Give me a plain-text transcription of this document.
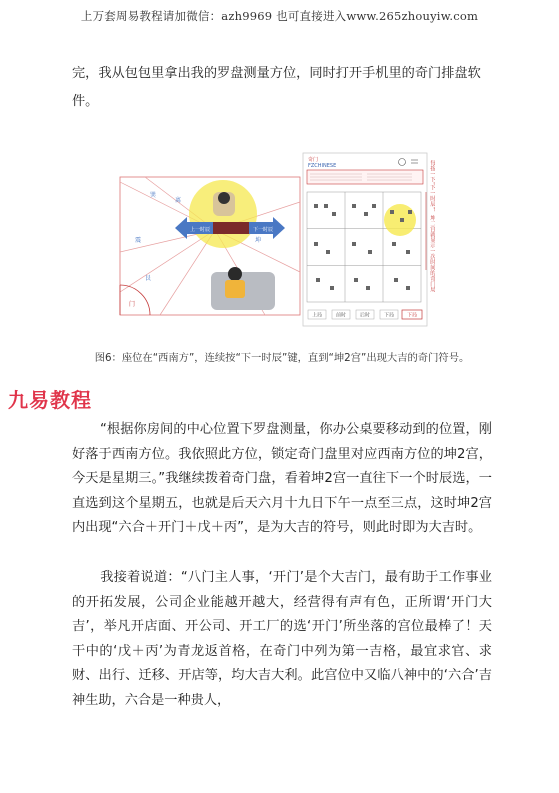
上万套周易教程请加微信：azh9969 也可直接进入www.265zhouyiw.com
完，我从包包里拿出我的罗盘测量方位，同时打开手机里的奇门排盘软件。
巽
震
艮
坤
离
上一时辰	下一时辰
门
奇门
FZCHINESE
上局	前时	后时	下局	下局
每按一下“下一时辰”，坤二宫就显示一次时间的奇门局
图6：座位在“西南方”，连续按“下一时辰”键，直到“坤2宫”出现大吉的奇门符号。
九易教程
“根据你房间的中心位置下罗盘测量，你办公桌要移动到的位置，刚好落于西南方位。我依照此方位，锁定奇门盘里对应西南方位的坤2宫，今天是星期三。”我继续拨着奇门盘，看着坤2宫一直往下一个时辰选，一直选到这个星期五，也就是后天六月十九日下午一点至三点，这时坤2宫内出现“六合＋开门＋戊＋丙”，是为大吉的符号，则此时即为大吉时。
我接着说道：“八门主人事，‘开门’是个大吉门，最有助于工作事业的开拓发展，公司企业能越开越大，经营得有声有色，正所谓‘开门大吉’，举凡开店面、开公司、开工厂的选‘开门’所坐落的宫位最棒了！天干中的‘戊＋丙’为青龙返首格，在奇门中列为第一吉格，最宜求官、求财、出行、迁移、开店等，均大吉大利。此宫位中又临八神中的‘六合’吉神生助，六合是一种贵人，
